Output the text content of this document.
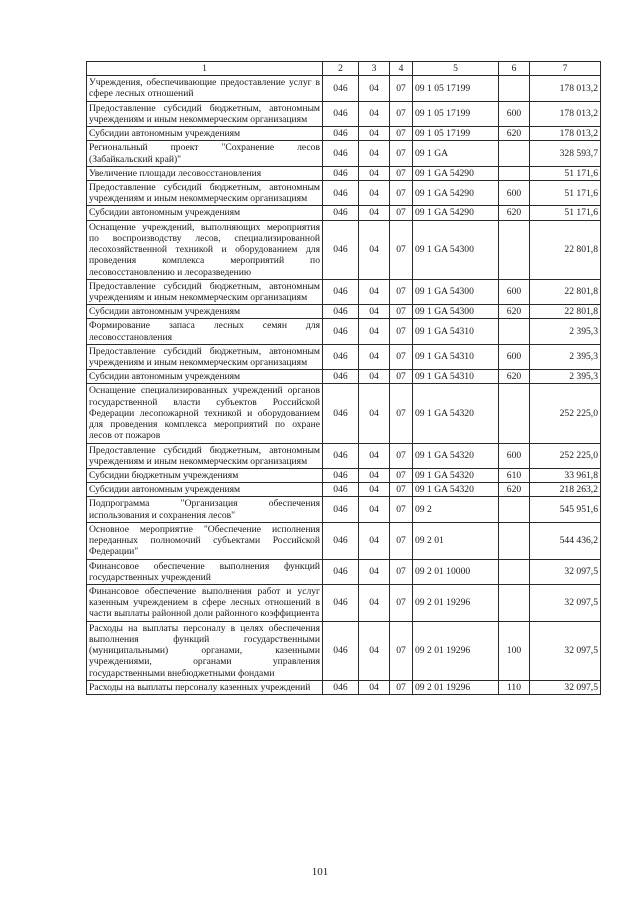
1	2	3	4	5	6	7
Учреждения, обеспечивающие предоставление услуг в сфере лесных отношений	046	04	07	09 1 05 17199		178 013,2
Предоставление субсидий бюджетным, автономным учреждениям и иным некоммерческим организациям	046	04	07	09 1 05 17199	600	178 013,2
Субсидии автономным учреждениям	046	04	07	09 1 05 17199	620	178 013,2
Региональный проект "Сохранение лесов (Забайкальский край)"	046	04	07	09 1 GA		328 593,7
Увеличение площади лесовосстановления	046	04	07	09 1 GA 54290		51 171,6
Предоставление субсидий бюджетным, автономным учреждениям и иным некоммерческим организациям	046	04	07	09 1 GA 54290	600	51 171,6
Субсидии автономным учреждениям	046	04	07	09 1 GA 54290	620	51 171,6
Оснащение учреждений, выполняющих мероприятия по воспроизводству лесов, специализированной лесохозяйственной техникой и оборудованием для проведения комплекса мероприятий по лесовосстановлению и лесоразведению	046	04	07	09 1 GA 54300		22 801,8
Предоставление субсидий бюджетным, автономным учреждениям и иным некоммерческим организациям	046	04	07	09 1 GA 54300	600	22 801,8
Субсидии автономным учреждениям	046	04	07	09 1 GA 54300	620	22 801,8
Формирование запаса лесных семян для лесовосстановления	046	04	07	09 1 GA 54310		2 395,3
Предоставление субсидий бюджетным, автономным учреждениям и иным некоммерческим организациям	046	04	07	09 1 GA 54310	600	2 395,3
Субсидии автономным учреждениям	046	04	07	09 1 GA 54310	620	2 395,3
Оснащение специализированных учреждений органов государственной власти субъектов Российской Федерации лесопожарной техникой и оборудованием для проведения комплекса мероприятий по охране лесов от пожаров	046	04	07	09 1 GA 54320		252 225,0
Предоставление субсидий бюджетным, автономным учреждениям и иным некоммерческим организациям	046	04	07	09 1 GA 54320	600	252 225,0
Субсидии бюджетным учреждениям	046	04	07	09 1 GA 54320	610	33 961,8
Субсидии автономным учреждениям	046	04	07	09 1 GA 54320	620	218 263,2
Подпрограмма "Организация обеспечения использования и сохранения лесов"	046	04	07	09 2		545 951,6
Основное мероприятие "Обеспечение исполнения переданных полномочий субъектами Российской Федерации"	046	04	07	09 2 01		544 436,2
Финансовое обеспечение выполнения функций государственных учреждений	046	04	07	09 2 01 10000		32 097,5
Финансовое обеспечение выполнения работ и услуг казенным учреждением в сфере лесных отношений в части выплаты районной доли районного коэффициента	046	04	07	09 2 01 19296		32 097,5
Расходы на выплаты персоналу в целях обеспечения выполнения функций государственными (муниципальными) органами, казенными учреждениями, органами управления государственными внебюджетными фондами	046	04	07	09 2 01 19296	100	32 097,5
Расходы на выплаты персоналу казенных учреждений	046	04	07	09 2 01 19296	110	32 097,5
101
